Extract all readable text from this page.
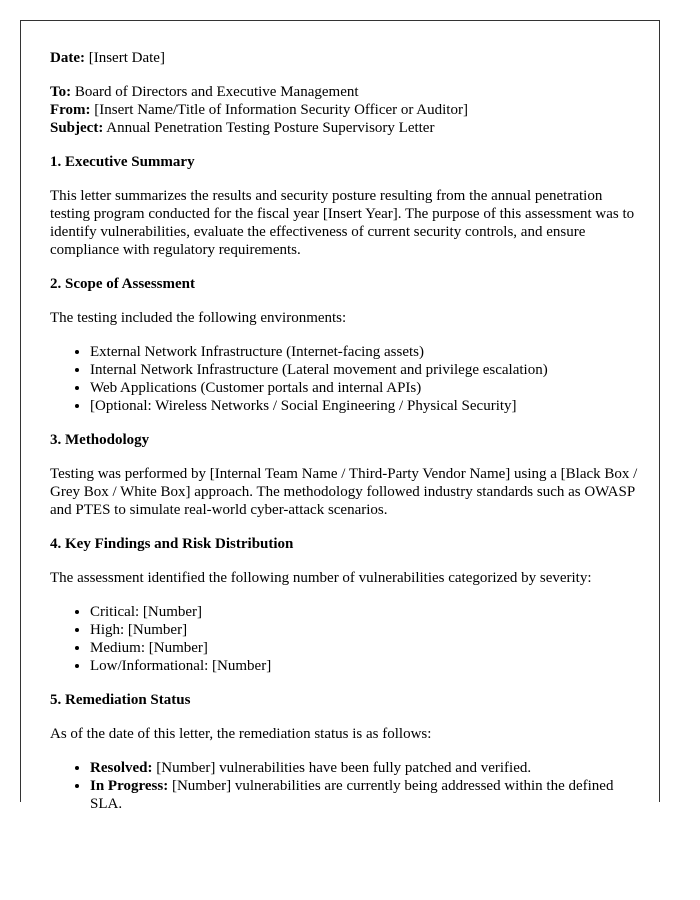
Date: [Insert Date]

To: Board of Directors and Executive Management

From: [Insert Name/Title of Information Security Officer or Auditor]

Subject: Annual Penetration Testing Posture Supervisory Letter

1. Executive Summary

This letter summarizes the results and security posture resulting from the annual penetration testing program conducted for the fiscal year [Insert Year]. The purpose of this assessment was to identify vulnerabilities, evaluate the effectiveness of current security controls, and ensure compliance with regulatory requirements.

2. Scope of Assessment

The testing included the following environments:

• External Network Infrastructure (Internet-facing assets)
• Internal Network Infrastructure (Lateral movement and privilege escalation)
• Web Applications (Customer portals and internal APIs)
• [Optional: Wireless Networks / Social Engineering / Physical Security]
3. Methodology

Testing was performed by [Internal Team Name / Third-Party Vendor Name] using a [Black Box / Grey Box / White Box] approach. The methodology followed industry standards such as OWASP and PTES to simulate real-world cyber-attack scenarios.

4. Key Findings and Risk Distribution

The assessment identified the following number of vulnerabilities categorized by severity:

• Critical: [Number]
• High: [Number]
• Medium: [Number]
• Low/Informational: [Number]
5. Remediation Status

As of the date of this letter, the remediation status is as follows:

• Resolved: [Number] vulnerabilities have been fully patched and verified.
• In Progress: [Number] vulnerabilities are currently being addressed within the defined SLA.
